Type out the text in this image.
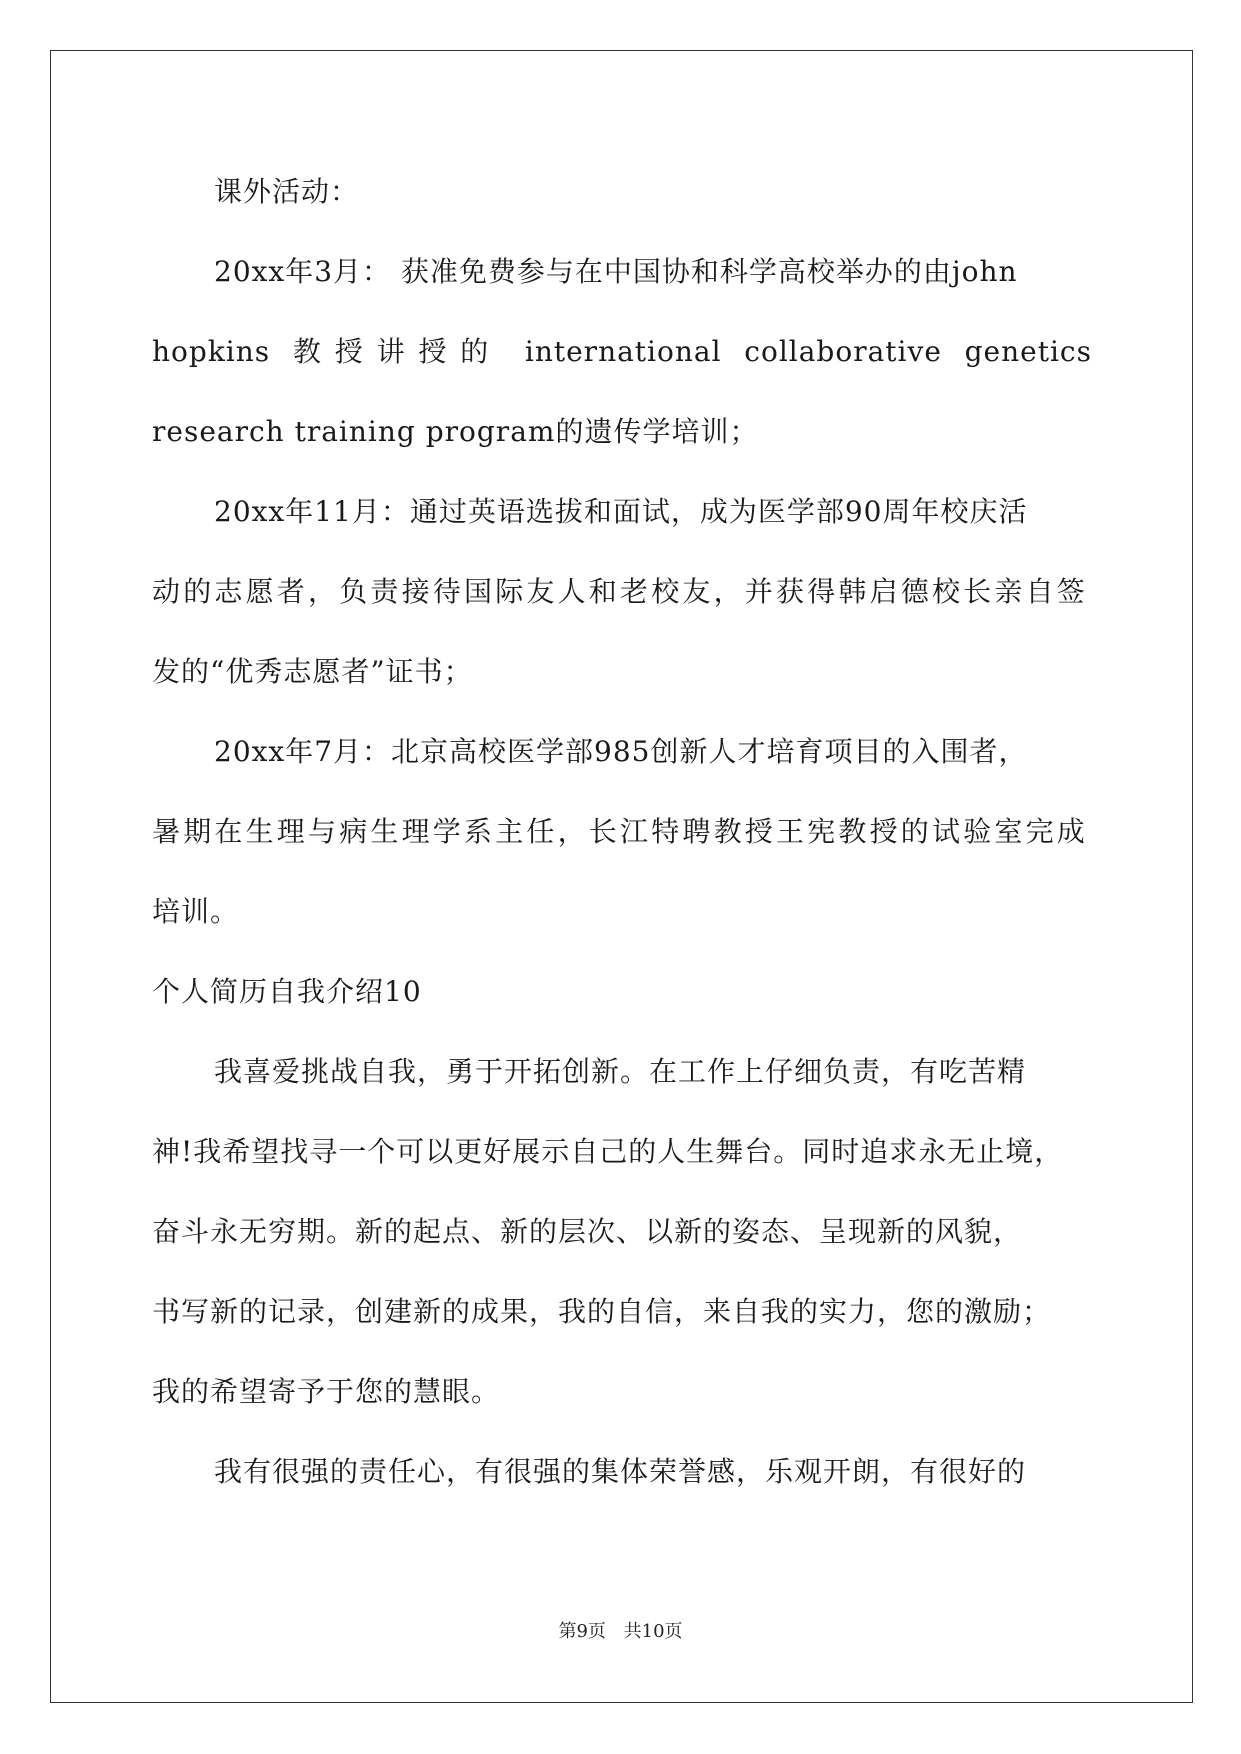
课外活动：
20xx年3月： 获准免费参与在中国协和科学高校举办的由john
hopkins 教授讲授的 international collaborative genetics
research training program的遗传学培训；
20xx年11月：通过英语选拔和面试，成为医学部90周年校庆活
动的志愿者，负责接待国际友人和老校友，并获得韩启德校长亲自签
发的“优秀志愿者”证书；
20xx年7月：北京高校医学部985创新人才培育项目的入围者，
暑期在生理与病生理学系主任，长江特聘教授王宪教授的试验室完成
培训。
个人简历自我介绍10
我喜爱挑战自我，勇于开拓创新。在工作上仔细负责，有吃苦精
神!我希望找寻一个可以更好展示自己的人生舞台。同时追求永无止境，
奋斗永无穷期。新的起点、新的层次、以新的姿态、呈现新的风貌，
书写新的记录，创建新的成果，我的自信，来自我的实力，您的激励；
我的希望寄予于您的慧眼。
我有很强的责任心，有很强的集体荣誉感，乐观开朗，有很好的
第9页 共10页
